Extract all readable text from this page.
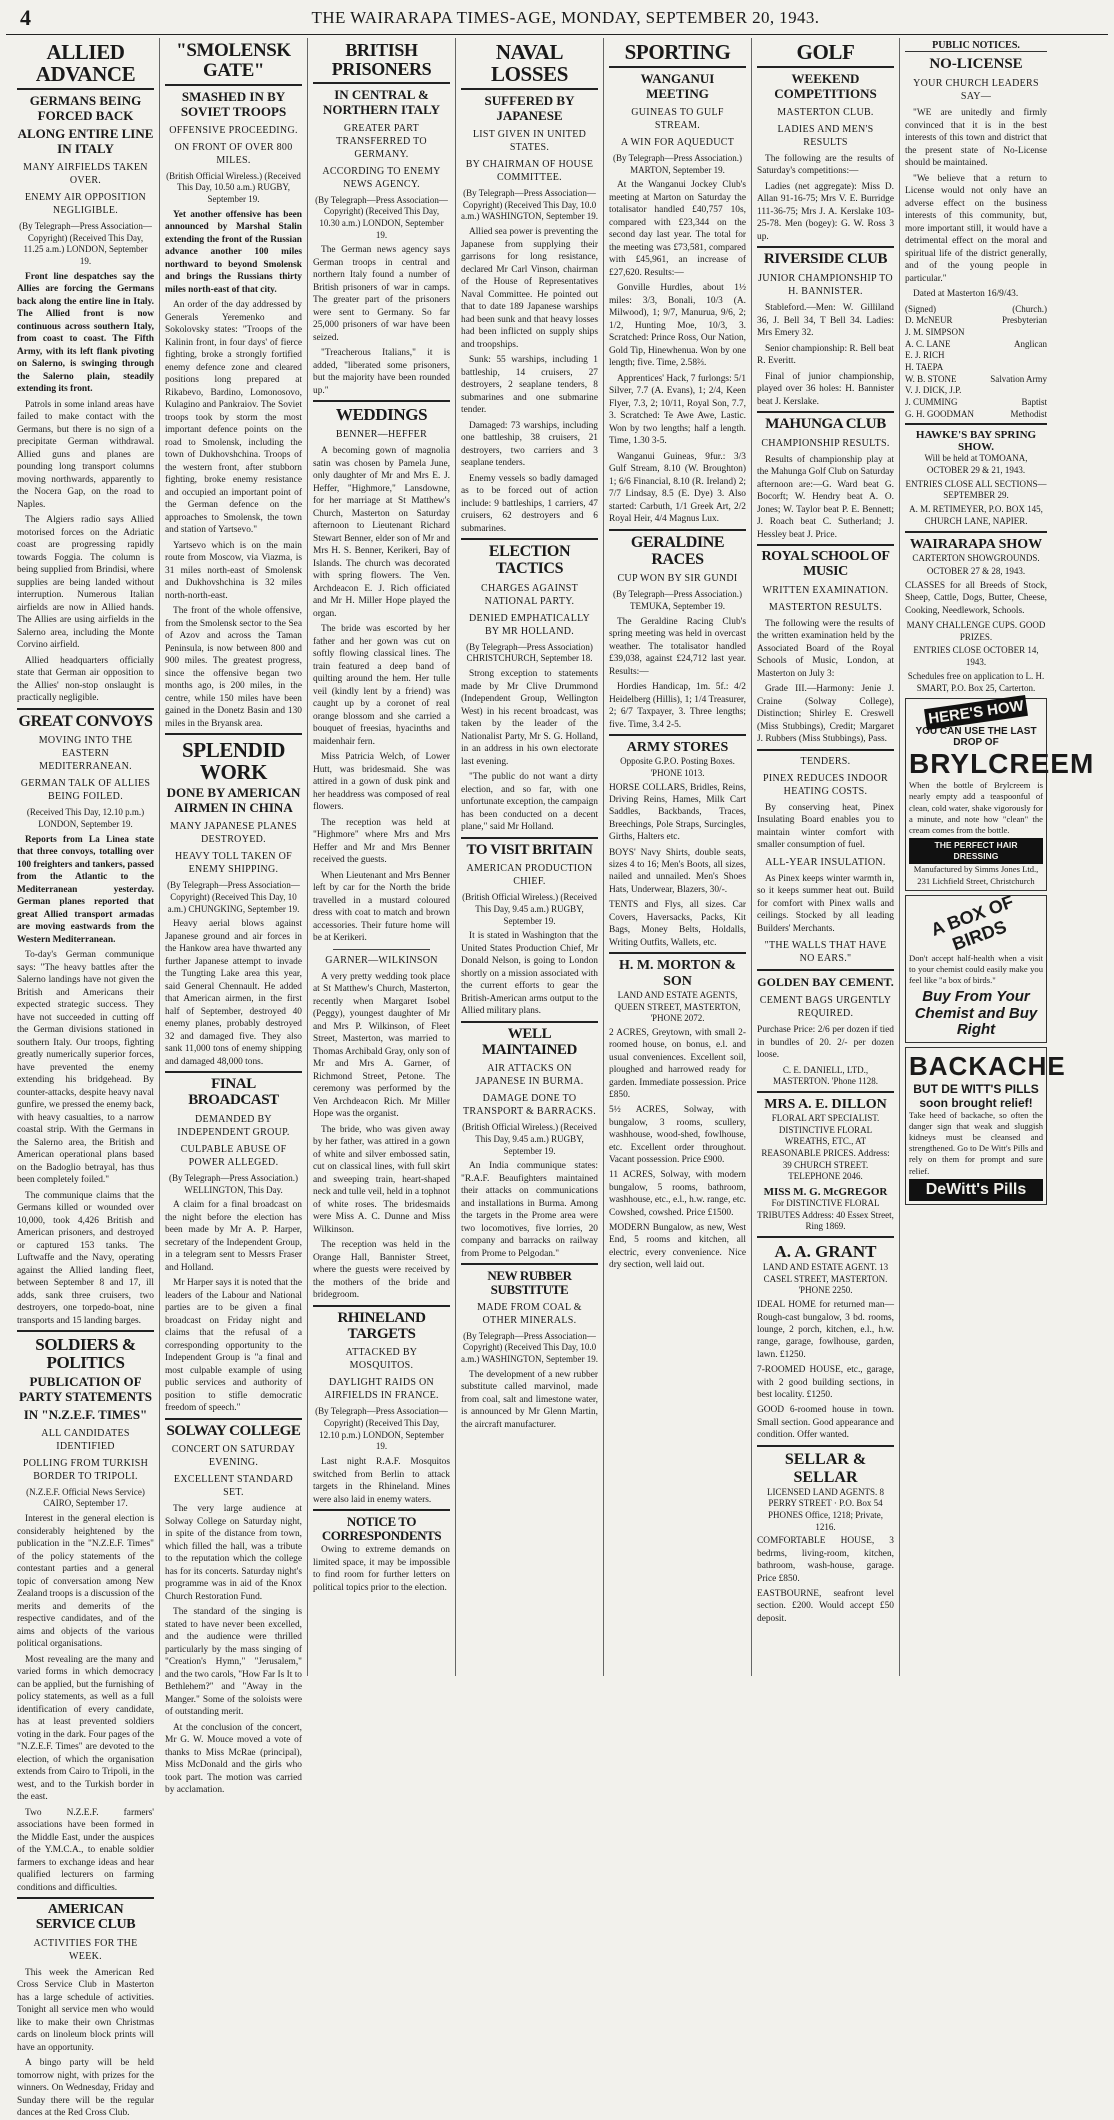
4	THE WAIRARAPA TIMES-AGE, MONDAY, SEPTEMBER 20, 1943.
ALLIED ADVANCE
GERMANS BEING FORCED BACK
ALONG ENTIRE LINE IN ITALY
MANY AIRFIELDS TAKEN OVER.
ENEMY AIR OPPOSITION NEGLIGIBLE.
(By Telegraph—Press Association—Copyright) (Received This Day, 11.25 a.m.) LONDON, September 19.

Front line despatches say the Allies are forcing the Germans back along the entire line in Italy. The Allied front is now continuous across southern Italy, from coast to coast. The Fifth Army, with its left flank pivoting on Salerno, is swinging through the Salerno plain, steadily extending its front.

Patrols in some inland areas have failed to make contact with the Germans, but there is no sign of a precipitate German withdrawal. Allied guns and planes are pounding long transport columns moving northwards, apparently to the Nocera Gap, on the road to Naples.

The Algiers radio says Allied motorised forces on the Adriatic coast are progressing rapidly towards Foggia. The column is being supplied from Brindisi, where supplies are being landed without interruption. Numerous Italian airfields are now in Allied hands. The Allies are using airfields in the Salerno area, including the Monte Corvino airfield.

Allied headquarters officially state that German air opposition to the Allies' non-stop onslaught is practically negligible.

GREAT CONVOYS
MOVING INTO THE EASTERN MEDITERRANEAN.
GERMAN TALK OF ALLIES BEING FOILED.
(Received This Day, 12.10 p.m.) LONDON, September 19.

Reports from La Linea state that three convoys, totalling over 100 freighters and tankers, passed from the Atlantic to the Mediterranean yesterday. German planes reported that great Allied transport armadas are moving eastwards from the Western Mediterranean.

To-day's German communique says: "The heavy battles after the Salerno landings have not given the British and Americans their expected strategic success. They have not succeeded in cutting off the German divisions stationed in southern Italy. Our troops, fighting greatly numerically superior forces, have prevented the enemy extending his bridgehead. By counter-attacks, despite heavy naval gunfire, we pressed the enemy back, with heavy casualties, to a narrow coastal strip. With the Germans in the Salerno area, the British and American operational plans based on the Badoglio betrayal, has thus been completely foiled."

The communique claims that the Germans killed or wounded over 10,000, took 4,426 British and American prisoners, and destroyed or captured 153 tanks. The Luftwaffe and the Navy, operating against the Allied landing fleet, between September 8 and 17, ill adds, sank three cruisers, two destroyers, one torpedo-boat, nine transports and 15 landing barges.

SOLDIERS & POLITICS
PUBLICATION OF PARTY STATEMENTS
IN "N.Z.E.F. TIMES"
ALL CANDIDATES IDENTIFIED
POLLING FROM TURKISH BORDER TO TRIPOLI.
(N.Z.E.F. Official News Service) CAIRO, September 17.

Interest in the general election is considerably heightened by the publication in the "N.Z.E.F. Times" of the policy statements of the contestant parties and a general topic of conversation among New Zealand troops is a discussion of the merits and demerits of the respective candidates, and of the aims and objects of the various political organisations.

Most revealing are the many and varied forms in which democracy can be applied, but the furnishing of policy statements, as well as a full identification of every candidate, has at least prevented soldiers voting in the dark. Four pages of the "N.Z.E.F. Times" are devoted to the election, of which the organisation extends from Cairo to Tripoli, in the west, and to the Turkish border in the east.

Two N.Z.E.F. farmers' associations have been formed in the Middle East, under the auspices of the Y.M.C.A., to enable soldier farmers to exchange ideas and hear qualified lecturers on farming conditions and difficulties.

AMERICAN SERVICE CLUB
ACTIVITIES FOR THE WEEK.

This week the American Red Cross Service Club in Masterton has a large schedule of activities. Tonight all service men who would like to make their own Christmas cards on linoleum block prints will have an opportunity.

A bingo party will be held tomorrow night, with prizes for the winners. On Wednesday, Friday and Sunday there will be the regular dances at the Red Cross Club.

"SMOLENSK GATE"
SMASHED IN BY SOVIET TROOPS
OFFENSIVE PROCEEDING.
ON FRONT OF OVER 800 MILES.
(British Official Wireless.) (Received This Day, 10.50 a.m.) RUGBY, September 19.

Yet another offensive has been announced by Marshal Stalin extending the front of the Russian advance another 100 miles northward to beyond Smolensk and brings the Russians thirty miles north-east of that city.

An order of the day addressed by Generals Yeremenko and Sokolovsky states: "Troops of the Kalinin front, in four days' of fierce fighting, broke a strongly fortified enemy defence zone and cleared positions long prepared at Rikabevo, Bardino, Lomonosovo, Kulagino and Pankraiov. The Soviet troops took by storm the most important defence points on the road to Smolensk, including the town of Dukhovshchina. Troops of the western front, after stubborn fighting, broke enemy resistance and occupied an important point of the German defence on the approaches to Smolensk, the town and station of Yartsevo."

Yartsevo which is on the main route from Moscow, via Viazma, is 31 miles north-east of Smolensk and Dukhovshchina is 32 miles north-north-east.

The front of the whole offensive, from the Smolensk sector to the Sea of Azov and across the Taman Peninsula, is now between 800 and 900 miles. The greatest progress, since the offensive began two months ago, is 200 miles, in the centre, while 150 miles have been gained in the Donetz Basin and 130 miles in the Bryansk area.

SPLENDID WORK
DONE BY AMERICAN AIRMEN IN CHINA
MANY JAPANESE PLANES DESTROYED.
HEAVY TOLL TAKEN OF ENEMY SHIPPING.
(By Telegraph—Press Association—Copyright) (Received This Day, 10 a.m.) CHUNGKING, September 19.

Heavy aerial blows against Japanese ground and air forces in the Hankow area have thwarted any further Japanese attempt to invade the Tungting Lake area this year, said General Chennault. He added that American airmen, in the first half of September, destroyed 40 enemy planes, probably destroyed 32 and damaged five. They also sank 11,000 tons of enemy shipping and damaged 48,000 tons.

FINAL BROADCAST
DEMANDED BY INDEPENDENT GROUP.
CULPABLE ABUSE OF POWER ALLEGED.
(By Telegraph—Press Association.) WELLINGTON, This Day.

A claim for a final broadcast on the night before the election has been made by Mr A. P. Harper, secretary of the Independent Group, in a telegram sent to Messrs Fraser and Holland.

Mr Harper says it is noted that the leaders of the Labour and National parties are to be given a final broadcast on Friday night and claims that the refusal of a corresponding opportunity to the Independent Group is "a final and most culpable example of using public services and authority of position to stifle democratic freedom of speech."

SOLWAY COLLEGE
CONCERT ON SATURDAY EVENING.
EXCELLENT STANDARD SET.

The very large audience at Solway College on Saturday night, in spite of the distance from town, which filled the hall, was a tribute to the reputation which the college has for its concerts. Saturday night's programme was in aid of the Knox Church Restoration Fund.

The standard of the singing is stated to have never been excelled, and the audience were thrilled particularly by the mass singing of "Creation's Hymn," "Jerusalem," and the two carols, "How Far Is It to Bethlehem?" and "Away in the Manger." Some of the soloists were of outstanding merit.

At the conclusion of the concert, Mr G. W. Mouce moved a vote of thanks to Miss McRae (principal), Miss McDonald and the girls who took part. The motion was carried by acclamation.

BRITISH PRISONERS
IN CENTRAL & NORTHERN ITALY
GREATER PART TRANSFERRED TO GERMANY.
ACCORDING TO ENEMY NEWS AGENCY.
(By Telegraph—Press Association—Copyright) (Received This Day, 10.30 a.m.) LONDON, September 19.

The German news agency says German troops in central and northern Italy found a number of British prisoners of war in camps. The greater part of the prisoners were sent to Germany. So far 25,000 prisoners of war have been seized.

"Treacherous Italians," it is added, "liberated some prisoners, but the majority have been rounded up."

WEDDINGS
BENNER—HEFFER

A becoming gown of magnolia satin was chosen by Pamela June, only daughter of Mr and Mrs E. J. Heffer, "Highmore," Lansdowne, for her marriage at St Matthew's Church, Masterton on Saturday afternoon to Lieutenant Richard Stewart Benner, elder son of Mr and Mrs H. S. Benner, Kerikeri, Bay of Islands. The church was decorated with spring flowers. The Ven. Archdeacon E. J. Rich officiated and Mr H. Miller Hope played the organ.

The bride was escorted by her father and her gown was cut on softly flowing classical lines. The train featured a deep band of quilting around the hem. Her tulle veil (kindly lent by a friend) was caught up by a coronet of real orange blossom and she carried a bouquet of freesias, hyacinths and maidenhair fern.

Miss Patricia Welch, of Lower Hutt, was bridesmaid. She was attired in a gown of dusk pink and her headdress was composed of real flowers.

The reception was held at "Highmore" where Mrs and Mrs Heffer and Mr and Mrs Benner received the guests.

When Lieutenant and Mrs Benner left by car for the North the bride travelled in a mustard coloured dress with coat to match and brown accessories. Their future home will be at Kerikeri.

GARNER—WILKINSON

A very pretty wedding took place at St Matthew's Church, Masterton, recently when Margaret Isobel (Peggy), youngest daughter of Mr and Mrs P. Wilkinson, of Fleet Street, Masterton, was married to Thomas Archibald Gray, only son of Mr and Mrs A. Garner, of Richmond Street, Petone. The ceremony was performed by the Ven Archdeacon Rich. Mr Miller Hope was the organist.

The bride, who was given away by her father, was attired in a gown of white and silver embossed satin, cut on classical lines, with full skirt and sweeping train, heart-shaped neck and tulle veil, held in a tophnot of white roses. The bridesmaids were Miss A. C. Dunne and Miss Wilkinson.

The reception was held in the Orange Hall, Bannister Street, where the guests were received by the mothers of the bride and bridegroom.

RHINELAND TARGETS
ATTACKED BY MOSQUITOS.
DAYLIGHT RAIDS ON AIRFIELDS IN FRANCE.
(By Telegraph—Press Association—Copyright) (Received This Day, 12.10 p.m.) LONDON, September 19.

Last night R.A.F. Mosquitos switched from Berlin to attack targets in the Rhineland. Mines were also laid in enemy waters.

NOTICE TO CORRESPONDENTS

Owing to extreme demands on limited space, it may be impossible to find room for further letters on political topics prior to the election.

NAVAL LOSSES
SUFFERED BY JAPANESE
LIST GIVEN IN UNITED STATES.
BY CHAIRMAN OF HOUSE COMMITTEE.
(By Telegraph—Press Association—Copyright) (Received This Day, 10.0 a.m.) WASHINGTON, September 19.

Allied sea power is preventing the Japanese from supplying their garrisons for long resistance, declared Mr Carl Vinson, chairman of the House of Representatives Naval Committee. He pointed out that to date 189 Japanese warships had been sunk and that heavy losses had been inflicted on supply ships and troopships.

Sunk: 55 warships, including 1 battleship, 14 cruisers, 27 destroyers, 2 seaplane tenders, 8 submarines and one submarine tender.

Damaged: 73 warships, including one battleship, 38 cruisers, 21 destroyers, two carriers and 3 seaplane tenders.

Enemy vessels so badly damaged as to be forced out of action include: 9 battleships, 1 carriers, 47 cruisers, 62 destroyers and 6 submarines.

ELECTION TACTICS
CHARGES AGAINST NATIONAL PARTY.
DENIED EMPHATICALLY BY MR HOLLAND.
(By Telegraph—Press Association) CHRISTCHURCH, September 18.

Strong exception to statements made by Mr Clive Drummond (Independent Group, Wellington West) in his recent broadcast, was taken by the leader of the Nationalist Party, Mr S. G. Holland, in an address in his own electorate last evening.

"The public do not want a dirty election, and so far, with one unfortunate exception, the campaign has been conducted on a decent plane," said Mr Holland.

TO VISIT BRITAIN
AMERICAN PRODUCTION CHIEF.
(British Official Wireless.) (Received This Day, 9.45 a.m.) RUGBY, September 19.

It is stated in Washington that the United States Production Chief, Mr Donald Nelson, is going to London shortly on a mission associated with the current efforts to gear the British-American arms output to the Allied military plans.

WELL MAINTAINED
AIR ATTACKS ON JAPANESE IN BURMA.
DAMAGE DONE TO TRANSPORT & BARRACKS.
(British Official Wireless.) (Received This Day, 9.45 a.m.) RUGBY, September 19.

An India communique states: "R.A.F. Beaufighters maintained their attacks on communications and installations in Burma. Among the targets in the Prome area were two locomotives, five lorries, 20 company and barracks on railway from Prome to Pelgodan."

NEW RUBBER SUBSTITUTE
MADE FROM COAL & OTHER MINERALS.
(By Telegraph—Press Association—Copyright) (Received This Day, 10.0 a.m.) WASHINGTON, September 19.

The development of a new rubber substitute called marvinol, made from coal, salt and limestone water, is announced by Mr Glenn Martin, the aircraft manufacturer.

SPORTING
WANGANUI MEETING
GUINEAS TO GULF STREAM.
A WIN FOR AQUEDUCT
(By Telegraph—Press Association.) MARTON, September 19.

At the Wanganui Jockey Club's meeting at Marton on Saturday the totalisator handled £40,757 10s, compared with £23,344 on the second day last year. The total for the meeting was £73,581, compared with £45,961, an increase of £27,620. Results:—

Gonville Hurdles, about 1½ miles: 3/3, Bonali, 10/3 (A. Milwood), 1; 9/7, Manurua, 9/6, 2; 1/2, Hunting Moe, 10/3, 3. Scratched: Prince Ross, Our Nation, Gold Tip, Hinewhenua. Won by one length; five. Time, 2.58⅔.

Apprentices' Hack, 7 furlongs: 5/1 Silver, 7.7 (A. Evans), 1; 2/4, Keen Flyer, 7.3, 2; 10/11, Royal Son, 7.7, 3. Scratched: Te Awe Awe, Lastic. Won by two lengths; half a length. Time, 1.30 3-5.

Wanganui Guineas, 9fur.: 3/3 Gulf Stream, 8.10 (W. Broughton) 1; 6/6 Financial, 8.10 (R. Ireland) 2; 7/7 Lindsay, 8.5 (E. Dye) 3. Also started: Carbuth, 1/1 Greek Art, 2/2 Royal Heir, 4/4 Magnus Lux.

GERALDINE RACES
CUP WON BY SIR GUNDI
(By Telegraph—Press Association.) TEMUKA, September 19.

The Geraldine Racing Club's spring meeting was held in overcast weather. The totalisator handled £39,038, against £24,712 last year. Results:—

Hordies Handicap, 1m. 5f.: 4/2 Heidelberg (Hillis), 1; 1/4 Treasurer, 2; 6/7 Taxpayer, 3. Three lengths; five. Time, 3.4 2-5.

ARMY STORES
Opposite G.P.O. Posting Boxes. 'PHONE 1013.

HORSE COLLARS, Bridles, Reins, Driving Reins, Hames, Milk Cart Saddles, Backbands, Traces, Breechings, Pole Straps, Surcingles, Girths, Halters etc.

BOYS' Navy Shirts, double seats, sizes 4 to 16; Men's Boots, all sizes, nailed and unnailed. Men's Shoes Hats, Underwear, Blazers, 30/-.

TENTS and Flys, all sizes. Car Covers, Haversacks, Packs, Kit Bags, Money Belts, Holdalls, Writing Outfits, Wallets, etc.

H. M. MORTON & SON
LAND AND ESTATE AGENTS, QUEEN STREET, MASTERTON, 'PHONE 2072.

2 ACRES, Greytown, with small 2-roomed house, on bonus, e.l. and usual conveniences. Excellent soil, ploughed and harrowed ready for garden. Immediate possession. Price £850.

5½ ACRES, Solway, with bungalow, 3 rooms, scullery, washhouse, wood-shed, fowlhouse, etc. Excellent order throughout. Vacant possession. Price £900.

11 ACRES, Solway, with modern bungalow, 5 rooms, bathroom, washhouse, etc., e.l., h.w. range, etc. Cowshed, cowshed. Price £1500.

MODERN Bungalow, as new, West End, 5 rooms and kitchen, all electric, every convenience. Nice dry section, well laid out.

GOLF
WEEKEND COMPETITIONS
MASTERTON CLUB.
LADIES AND MEN'S RESULTS

The following are the results of Saturday's competitions:—

Ladies (net aggregate): Miss D. Allan 91-16-75; Mrs V. E. Burridge 111-36-75; Mrs J. A. Kerslake 103-25-78. Men (bogey): G. W. Ross 3 up.

RIVERSIDE CLUB
JUNIOR CHAMPIONSHIP TO H. BANNISTER.

Stableford.—Men: W. Gilliland 36, J. Bell 34, T Bell 34. Ladies: Mrs Emery 32.

Senior championship: R. Bell beat R. Everitt.

Final of junior championship, played over 36 holes: H. Bannister beat J. Kerslake.

MAHUNGA CLUB
CHAMPIONSHIP RESULTS.

Results of championship play at the Mahunga Golf Club on Saturday afternoon are:—G. Ward beat G. Bocorft; W. Hendry beat A. O. Jones; W. Taylor beat P. E. Bennett; J. Roach beat C. Sutherland; J. Hessley beat J. Price.

ROYAL SCHOOL OF MUSIC
WRITTEN EXAMINATION.
MASTERTON RESULTS.

The following were the results of the written examination held by the Associated Board of the Royal Schools of Music, London, at Masterton on July 3:

Grade III.—Harmony: Jenie J. Craine (Solway College), Distinction; Shirley E. Creswell (Miss Stubbings), Credit; Margaret J. Rubbers (Miss Stubbings), Pass.

TENDERS.
PINEX REDUCES INDOOR HEATING COSTS.

By conserving heat, Pinex Insulating Board enables you to maintain winter comfort with smaller consumption of fuel.

ALL-YEAR INSULATION.

As Pinex keeps winter warmth in, so it keeps summer heat out. Build for comfort with Pinex walls and ceilings. Stocked by all leading Builders' Merchants.

"THE WALLS THAT HAVE NO EARS."
GOLDEN BAY CEMENT.
CEMENT BAGS URGENTLY REQUIRED.

Purchase Price: 2/6 per dozen if tied in bundles of 20. 2/- per dozen loose.

C. E. DANIELL, LTD., MASTERTON. 'Phone 1128.
MRS A. E. DILLON
FLORAL ART SPECIALIST. DISTINCTIVE FLORAL WREATHS, ETC., AT REASONABLE PRICES. Address: 39 CHURCH STREET. TELEPHONE 2046.
MISS M. G. McGREGOR
For DISTINCTIVE FLORAL TRIBUTES Address: 40 Essex Street, Ring 1869.
A. A. GRANT
LAND AND ESTATE AGENT. 13 CASEL STREET, MASTERTON. 'PHONE 2250.

IDEAL HOME for returned man—Rough-cast bungalow, 3 bd. rooms, lounge, 2 porch, kitchen, e.l., h.w. range, garage, fowlhouse, garden, lawn. £1250.

7-ROOMED HOUSE, etc., garage, with 2 good building sections, in best locality. £1250.

GOOD 6-roomed house in town. Small section. Good appearance and condition. Offer wanted.

SELLAR & SELLAR
LICENSED LAND AGENTS. 8 PERRY STREET · P.O. Box 54 PHONES Office, 1218; Private, 1216.

COMFORTABLE HOUSE, 3 bedrms, living-room, kitchen, bathroom, wash-house, garage. Price £850.

EASTBOURNE, seafront level section. £200. Would accept £50 deposit.

PUBLIC NOTICES.
NO-LICENSE
YOUR CHURCH LEADERS SAY—

"WE are unitedly and firmly convinced that it is in the best interests of this town and district that the present state of No-License should be maintained.

"We believe that a return to License would not only have an adverse effect on the business interests of this community, but, more important still, it would have a detrimental effect on the moral and spiritual life of the district generally, and of the young people in particular."

Dated at Masterton 16/9/43.

(Signed)	(Church.)
D. McNEUR	Presbyterian
J. M. SIMPSON
A. C. LANE	Anglican
E. J. RICH
H. TAEPA
W. B. STONE	Salvation Army
V. J. DICK, J.P.
J. CUMMING	Baptist
G. H. GOODMAN	Methodist
HAWKE'S BAY SPRING SHOW.
Will be held at TOMOANA, OCTOBER 29 & 21, 1943.
ENTRIES CLOSE ALL SECTIONS—SEPTEMBER 29.
A. M. RETIMEYER, P.O. BOX 145, CHURCH LANE, NAPIER.
WAIRARAPA SHOW
CARTERTON SHOWGROUNDS.
OCTOBER 27 & 28, 1943.
CLASSES for all Breeds of Stock, Sheep, Cattle, Dogs, Butter, Cheese, Cooking, Needlework, Schools.
MANY CHALLENGE CUPS. GOOD PRIZES.
ENTRIES CLOSE OCTOBER 14, 1943.
Schedules free on application to L. H. SMART, P.O. Box 25, Carterton.
HERE'S HOW
YOU CAN USE THE LAST DROP OF
BRYLCREEM
When the bottle of Brylcreem is nearly empty add a teaspoonful of clean, cold water, shake vigorously for a minute, and note how "clean" the cream comes from the bottle.
THE PERFECT HAIR DRESSING
Manufactured by Simms Jones Ltd., 231 Lichfield Street, Christchurch
A BOX OF BIRDS
Don't accept half-health when a visit to your chemist could easily make you feel like "a box of birds."
Buy From Your Chemist and Buy Right
BACKACHE
BUT DE WITT'S PILLS soon brought relief!
Take heed of backache, so often the danger sign that weak and sluggish kidneys must be cleansed and strengthened. Go to De Witt's Pills and rely on them for prompt and sure relief.
DeWitt's Pills
